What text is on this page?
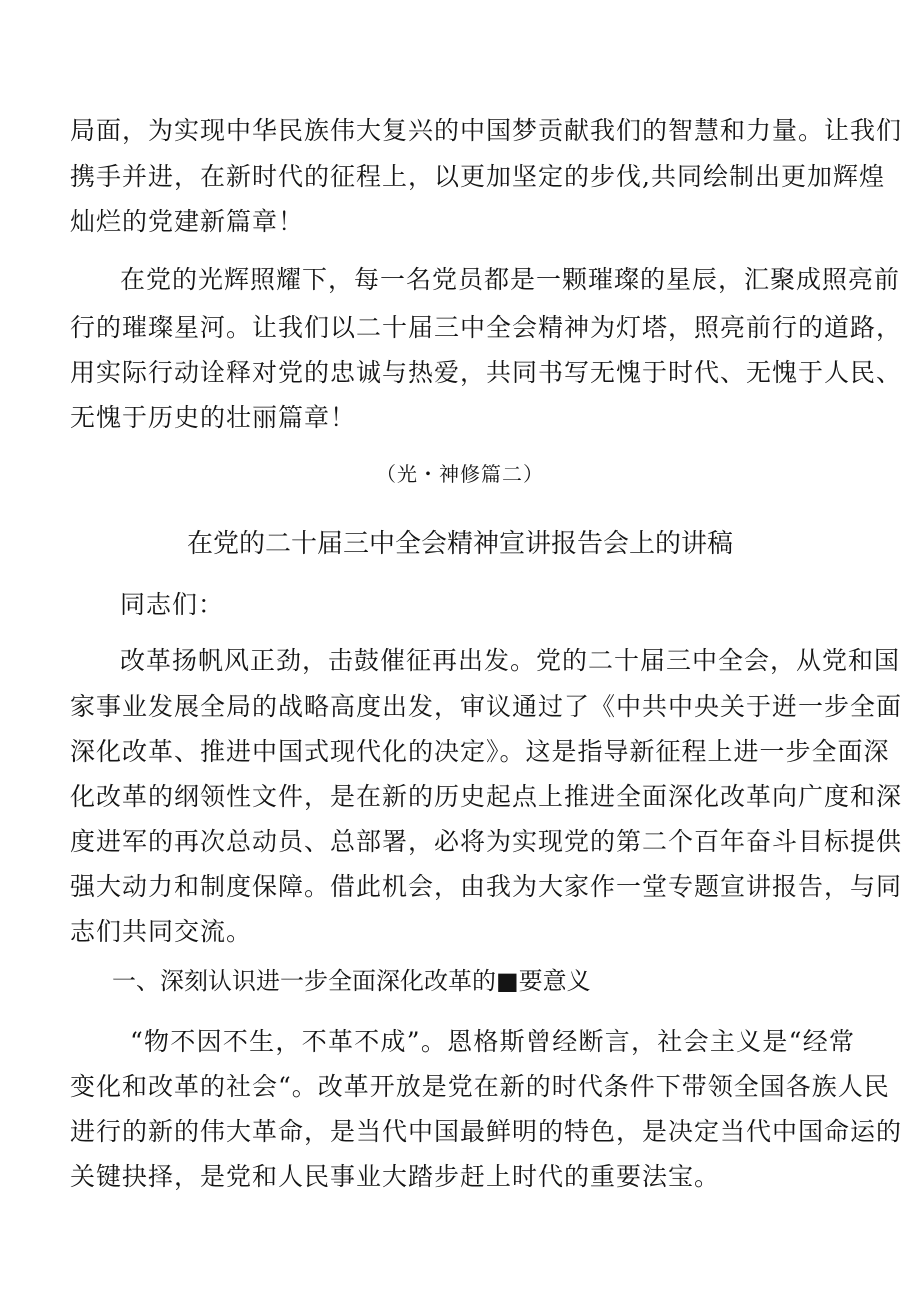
局面，为实现中华民族伟大复兴的中国梦贡献我们的智慧和力量。让我们
携手并进，在新时代的征程上，以更加坚定的步伐,共同绘制出更加辉煌
灿烂的党建新篇章！
在党的光辉照耀下，每一名党员都是一颗璀璨的星辰，汇聚成照亮前
行的璀璨星河。让我们以二十届三中全会精神为灯塔，照亮前行的道路，
用实际行动诠释对党的忠诚与热爱，共同书写无愧于时代、无愧于人民、
无愧于历史的壮丽篇章！
（光・神修篇二）
在党的二十届三中全会精神宣讲报告会上的讲稿
同志们：
改革扬帆风正劲，击鼓催征再出发。党的二十届三中全会，从党和国
家事业发展全局的战略高度出发，审议通过了《中共中央关于逬一步全面
深化改革、推进中国式现代化的决定》。这是指导新征程上进一步全面深
化改革的纲领性文件，是在新的历史起点上推进全面深化改革向广度和深
度进军的再次总动员、总部署，必将为实现党的第二个百年奋斗目标提供
强大动力和制度保障。借此机会，由我为大家作一堂专题宣讲报告，与同
志们共同交流。
一、深刻认识进一步全面深化改革的■要意义
“物不因不生，不革不成”。恩格斯曾经断言，社会主义是“经常
变化和改革的社会“。改革开放是党在新的时代条件下带领全国各族人民
进行的新的伟大革命，是当代中国最鲜明的特色，是决定当代中国命运的
关键抉择，是党和人民事业大踏步赶上时代的重要法宝。
